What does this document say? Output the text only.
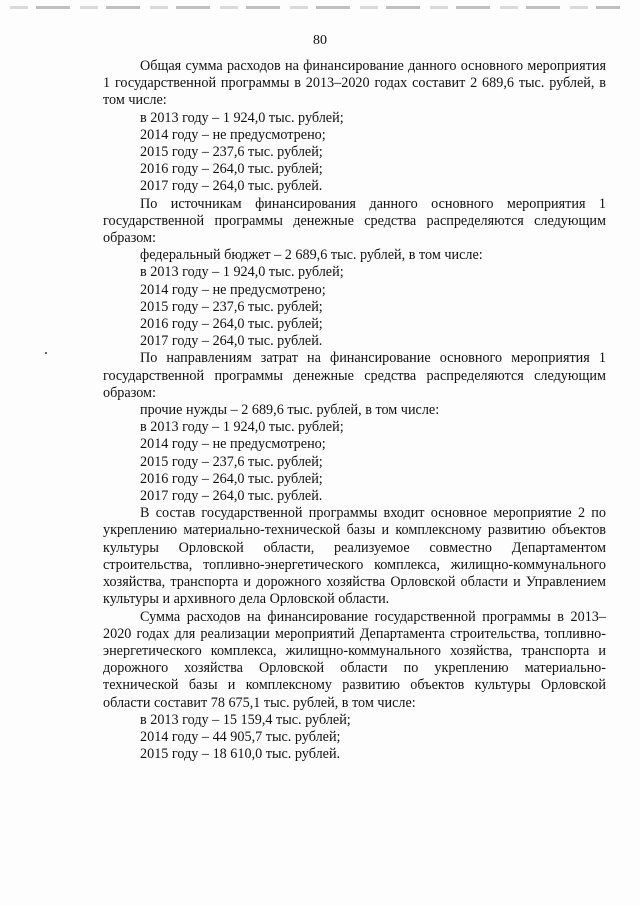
80

Общая сумма расходов на финансирование данного основного мероприятия 1 государственной программы в 2013–2020 годах составит 2 689,6 тыс. рублей, в том числе:

в 2013 году – 1 924,0 тыс. рублей;

2014 году – не предусмотрено;

2015 году – 237,6 тыс. рублей;

2016 году – 264,0 тыс. рублей;

2017 году – 264,0 тыс. рублей.

По источникам финансирования данного основного мероприятия 1 государственной программы денежные средства распределяются следующим образом:

федеральный бюджет – 2 689,6 тыс. рублей, в том числе:

в 2013 году – 1 924,0 тыс. рублей;

2014 году – не предусмотрено;

2015 году – 237,6 тыс. рублей;

2016 году – 264,0 тыс. рублей;

2017 году – 264,0 тыс. рублей.

По направлениям затрат на финансирование основного мероприятия 1 государственной программы денежные средства распределяются следующим образом:

прочие нужды – 2 689,6 тыс. рублей, в том числе:

в 2013 году – 1 924,0 тыс. рублей;

2014 году – не предусмотрено;

2015 году – 237,6 тыс. рублей;

2016 году – 264,0 тыс. рублей;

2017 году – 264,0 тыс. рублей.

В состав государственной программы входит основное мероприятие 2 по укреплению материально-технической базы и комплексному развитию объектов культуры Орловской области, реализуемое совместно Департаментом строительства, топливно-энергетического комплекса, жилищно-коммунального хозяйства, транспорта и дорожного хозяйства Орловской области и Управлением культуры и архивного дела Орловской области.

Сумма расходов на финансирование государственной программы в 2013–2020 годах для реализации мероприятий Департамента строительства, топливно-энергетического комплекса, жилищно-коммунального хозяйства, транспорта и дорожного хозяйства Орловской области по укреплению материально-технической базы и комплексному развитию объектов культуры Орловской области составит 78 675,1 тыс. рублей, в том числе:

в 2013 году – 15 159,4 тыс. рублей;

2014 году – 44 905,7 тыс. рублей;

2015 году – 18 610,0 тыс. рублей.
